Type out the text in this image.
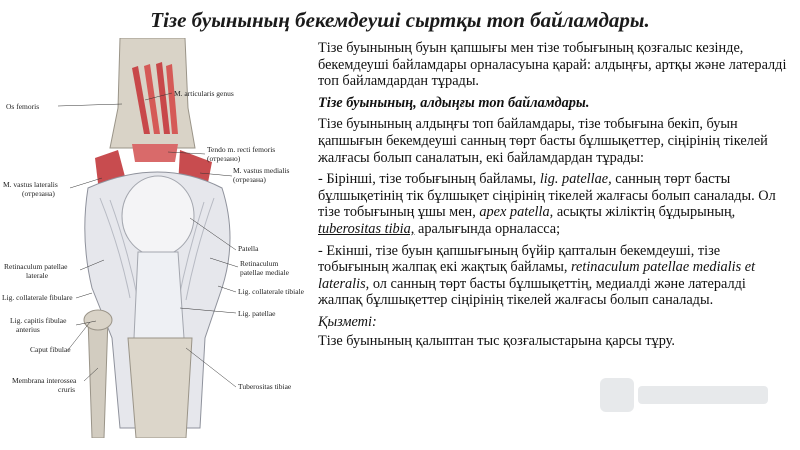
Тізе буынының бекемдеуші сыртқы топ байламдары.
Os femoris
M. articularis genus
Tendo m. recti femoris
(отрезано)
M. vastus lateralis
(отрезана)
M. vastus medialis
(отрезана)
Patella
Retinaculum patellae
laterale
Retinaculum
patellae mediale
Lig. collaterale fibulare
Lig. collaterale tibiale
Lig. capitis fibulae
anterius
Lig. patellae
Caput fibulae
Tuberositas tibiae
Membrana interossea
cruris

Тізе буынының буын қапшығы мен тізе тобығының қозғалыс кезінде, бекемдеуші байламдары орналасуына қарай: алдыңғы, артқы және латералді топ байламдардан тұрады.

Тізе буынының, алдыңғы топ байламдары.

Тізе буынының алдыңғы топ байламдары, тізе тобығына бекіп, буын қапшығын бекемдеуші санның төрт басты бұлшықеттер, сіңірінің тікелей жалғасы болып саналатын, екі байламдардан тұрады:

- Бірінші, тізе тобығының байламы, lig. patellae, санның төрт басты бұлшықетінің тік бұлшықет сіңірінің тікелей жалғасы болып саналады. Ол тізе тобығының ұшы мен, apex patella, асықты жіліктің бұдырының, tuberositas tibia, аралығында орналасса;

- Екінші, тізе буын қапшығының бүйір қапталын бекемдеуші, тізе тобығының жалпақ екі жақтық байламы, retinaculum patellae medialis et lateralis, ол санның төрт басты бұлшықеттің, медиалді және латералді жалпақ бұлшықеттер сіңірінің тікелей жалғасы болып саналады.

Қызметі:

Тізе буынының қалыптан тыс қозғалыстарына қарсы тұру.
